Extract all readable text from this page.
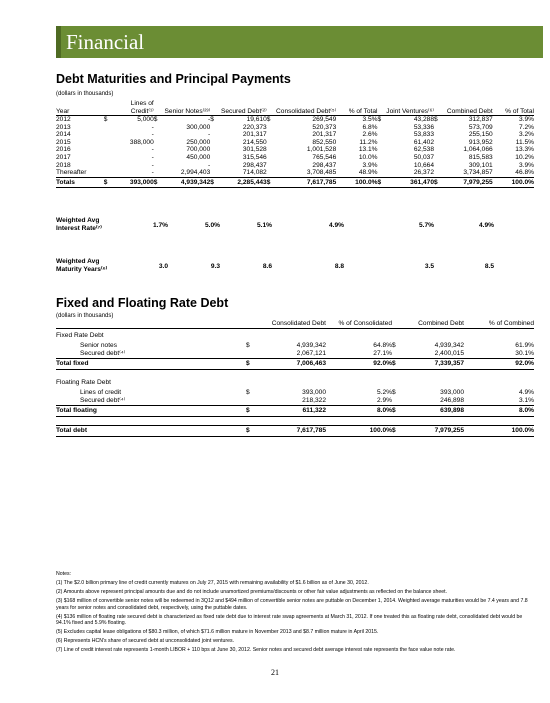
Financial
Debt Maturities and Principal Payments
(dollars in thousands)
Year		Lines of Credit⁽¹⁾		Senior Notes⁽²³⁾		Secured Debt⁽²⁾		Consolidated Debt⁽⁵⁾	% of Total		Joint Ventures⁽⁶⁾		Combined Debt	% of Total
2012	$	5,000	$	-	$	19,610	$	269,549	3.5%	$	43,288	$	312,837	3.9%
2013		-		300,000		220,373		520,373	6.8%		53,336		573,709	7.2%
2014		-		-		201,317		201,317	2.6%		53,833		255,150	3.2%
2015		388,000		250,000		214,550		852,550	11.2%		61,402		913,952	11.5%
2016		-		700,000		301,528		1,001,528	13.1%		62,538		1,064,066	13.3%
2017		-		450,000		315,546		765,546	10.0%		50,037		815,583	10.2%
2018		-		-		298,437		298,437	3.9%		10,664		309,101	3.9%
Thereafter		-		2,994,403		714,082		3,708,485	48.9%		26,372		3,734,857	46.8%
Totals	$	393,000	$	4,939,342	$	2,285,443	$	7,617,785	100.0%	$	361,470	$	7,979,255	100.0%
Weighted Avg Interest Rate⁽⁷⁾	1.7%	5.0%	5.1%	4.9%	5.7%	4.9%	
Weighted Avg Maturity Years⁽⁶⁾	3.0	9.3	8.6	8.8	3.5	8.5	
Fixed and Floating Rate Debt
(dollars in thousands)
		Consolidated Debt	% of Consolidated		Combined Debt	% of Combined

Fixed Rate Debt						

Senior notes	$	4,939,342	64.8%	$	4,939,342	61.9%
Secured debt⁽⁴⁾		2,067,121	27.1%		2,400,015	30.1%
Total fixed	$	7,006,463	92.0%	$	7,339,357	92.0%

Floating Rate Debt						

Lines of credit	$	393,000	5.2%	$	393,000	4.9%
Secured debt⁽⁴⁾		218,322	2.9%		246,898	3.1%
Total floating	$	611,322	8.0%	$	639,898	8.0%

Total debt	$	7,617,785	100.0%	$	7,979,255	100.0%

Notes:

(1) The $2.0 billion primary line of credit currently matures on July 27, 2015 with remaining availability of $1.6 billion as of June 30, 2012.

(2) Amounts above represent principal amounts due and do not include unamortized premiums/discounts or other fair value adjustments as reflected on the balance sheet.

(3) $168 million of convertible senior notes will be redeemed in 3Q12 and $494 million of convertible senior notes are puttable on December 1, 2014. Weighted average maturities would be 7.4 years and 7.8 years for senior notes and consolidated debt, respectively, using the puttable dates.

(4) $136 million of floating rate secured debt is characterized as fixed rate debt due to interest rate swap agreements at March 31, 2012. If one treated this as floating rate debt, consolidated debt would be 94.1% fixed and 5.9% floating.

(5) Excludes capital lease obligations of $80.3 million, of which $71.6 million mature in November 2013 and $8.7 million mature in April 2015.

(6) Represents HCN's share of secured debt at unconsolidated joint ventures.

(7) Line of credit interest rate represents 1-month LIBOR + 110 bps at June 30, 2012. Senior notes and secured debt average interest rate represents the face value note rate.

21
